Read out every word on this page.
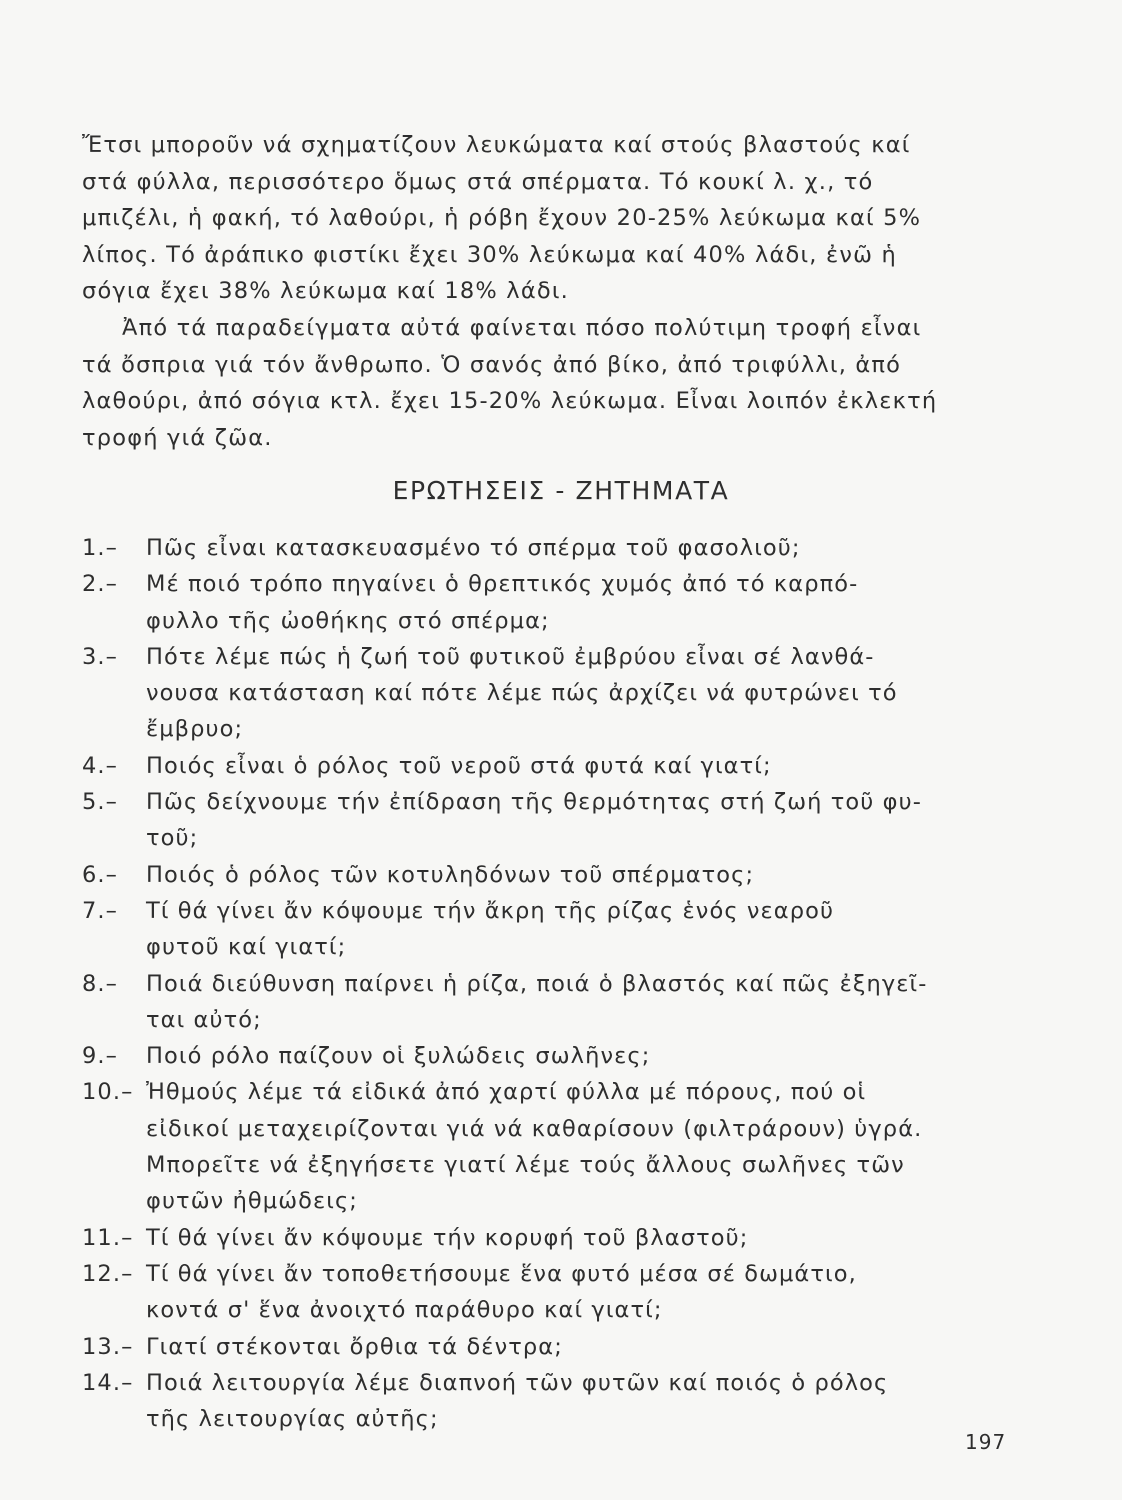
Ἔτσι μποροῦν νά σχηματίζουν λευκώματα καί στούς βλαστούς καί
στά φύλλα, περισσότερο ὅμως στά σπέρματα. Τό κουκί λ. χ., τό
μπιζέλι, ἡ φακή, τό λαθούρι, ἡ ρόβη ἔχουν 20-25% λεύκωμα καί 5%
λίπος. Τό ἀράπικο φιστίκι ἔχει 30% λεύκωμα καί 40% λάδι, ἐνῶ ἡ
σόγια ἔχει 38% λεύκωμα καί 18% λάδι.
Ἀπό τά παραδείγματα αὐτά φαίνεται πόσο πολύτιμη τροφή εἶναι
τά ὄσπρια γιά τόν ἄνθρωπο. Ὁ σανός ἀπό βίκο, ἀπό τριφύλλι, ἀπό
λαθούρι, ἀπό σόγια κτλ. ἔχει 15-20% λεύκωμα. Εἶναι λοιπόν ἐκλεκτή
τροφή γιά ζῶα.
ΕΡΩΤΗΣΕΙΣ - ΖΗΤΗΜΑΤΑ
1.– Πῶς εἶναι κατασκευασμένο τό σπέρμα τοῦ φασολιοῦ;
2.– Μέ ποιό τρόπο πηγαίνει ὁ θρεπτικός χυμός ἀπό τό καρπό-
φυλλο τῆς ὠοθήκης στό σπέρμα;
3.– Πότε λέμε πώς ἡ ζωή τοῦ φυτικοῦ ἐμβρύου εἶναι σέ λανθά-
νουσα κατάσταση καί πότε λέμε πώς ἀρχίζει νά φυτρώνει τό
ἔμβρυο;
4.– Ποιός εἶναι ὁ ρόλος τοῦ νεροῦ στά φυτά καί γιατί;
5.– Πῶς δείχνουμε τήν ἐπίδραση τῆς θερμότητας στή ζωή τοῦ φυ-
τοῦ;
6.– Ποιός ὁ ρόλος τῶν κοτυληδόνων τοῦ σπέρματος;
7.– Τί θά γίνει ἄν κόψουμε τήν ἄκρη τῆς ρίζας ἑνός νεαροῦ
φυτοῦ καί γιατί;
8.– Ποιά διεύθυνση παίρνει ἡ ρίζα, ποιά ὁ βλαστός καί πῶς ἐξηγεῖ-
ται αὐτό;
9.– Ποιό ρόλο παίζουν οἱ ξυλώδεις σωλῆνες;
10.– Ἠθμούς λέμε τά εἰδικά ἀπό χαρτί φύλλα μέ πόρους, πού οἱ
εἰδικοί μεταχειρίζονται γιά νά καθαρίσουν (φιλτράρουν) ὑγρά.
Μπορεῖτε νά ἐξηγήσετε γιατί λέμε τούς ἄλλους σωλῆνες τῶν
φυτῶν ἠθμώδεις;
11.– Τί θά γίνει ἄν κόψουμε τήν κορυφή τοῦ βλαστοῦ;
12.– Τί θά γίνει ἄν τοποθετήσουμε ἕνα φυτό μέσα σέ δωμάτιο,
κοντά σ' ἕνα ἀνοιχτό παράθυρο καί γιατί;
13.– Γιατί στέκονται ὄρθια τά δέντρα;
14.– Ποιά λειτουργία λέμε διαπνοή τῶν φυτῶν καί ποιός ὁ ρόλος
τῆς λειτουργίας αὐτῆς;
197
